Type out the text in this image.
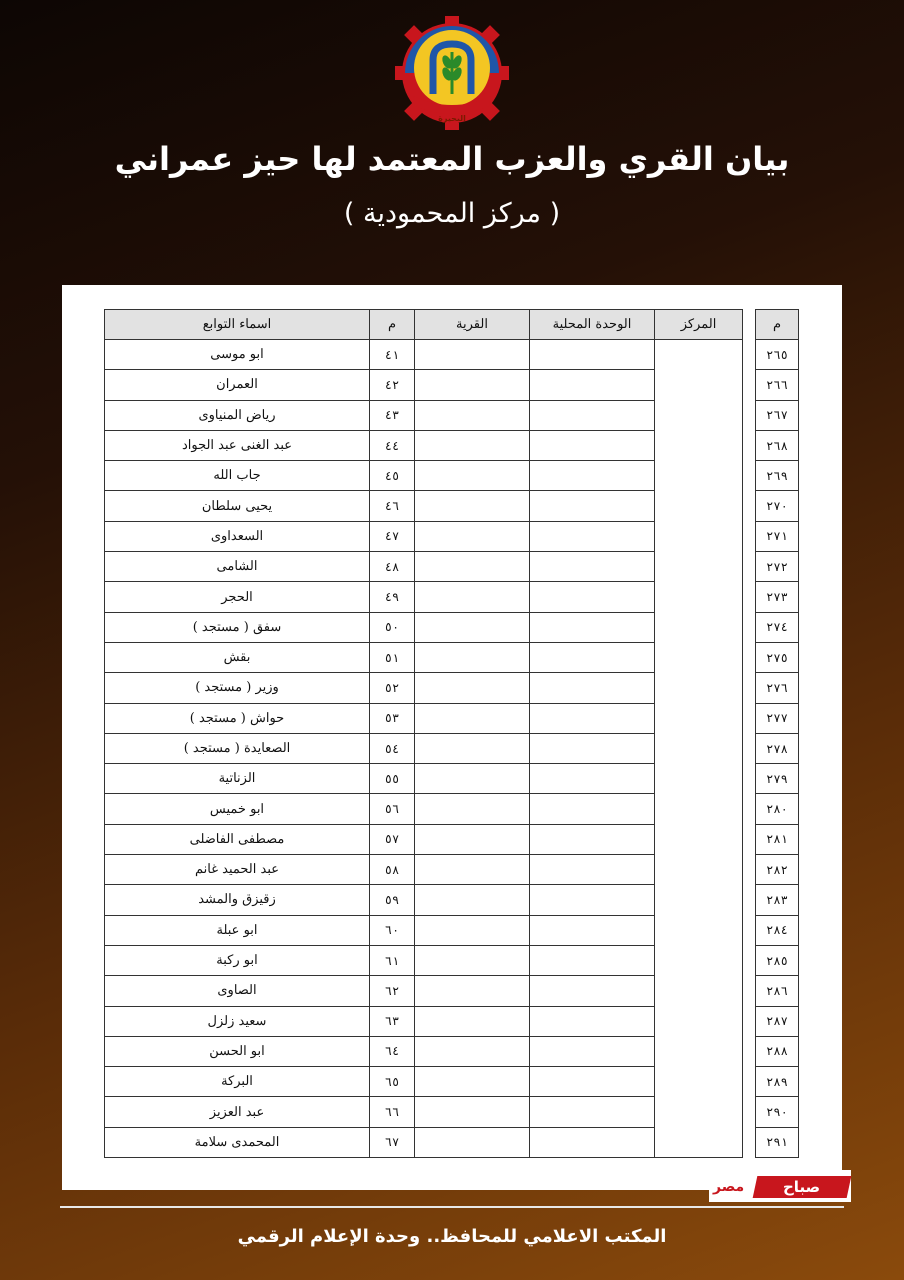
البحيرة
بيان القري والعزب المعتمد لها حيز عمراني
( مركز المحمودية )
م		المركز	الوحدة المحلية	القرية	م	اسماء التوابع
٢٦٥					٤١	ابو موسى
٢٦٦					٤٢	العمران
٢٦٧					٤٣	رياض المنياوى
٢٦٨					٤٤	عبد الغنى عبد الجواد
٢٦٩					٤٥	جاب الله
٢٧٠					٤٦	يحيى سلطان
٢٧١					٤٧	السعداوى
٢٧٢					٤٨	الشامى
٢٧٣					٤٩	الحجر
٢٧٤					٥٠	سفق ( مستجد )
٢٧٥					٥١	بقش
٢٧٦					٥٢	وزير ( مستجد )
٢٧٧					٥٣	حواش ( مستجد )
٢٧٨					٥٤	الصعايدة ( مستجد )
٢٧٩					٥٥	الزناتية
٢٨٠					٥٦	ابو خميس
٢٨١					٥٧	مصطفى الفاضلى
٢٨٢					٥٨	عبد الحميد غانم
٢٨٣					٥٩	زقيزق والمشد
٢٨٤					٦٠	ابو عبلة
٢٨٥					٦١	ابو ركبة
٢٨٦					٦٢	الصاوى
٢٨٧					٦٣	سعيد زلزل
٢٨٨					٦٤	ابو الحسن
٢٨٩					٦٥	البركة
٢٩٠					٦٦	عبد العزيز
٢٩١					٦٧	المحمدى سلامة
صباح
مصر
المكتب الاعلامي للمحافظ.. وحدة الإعلام الرقمي
